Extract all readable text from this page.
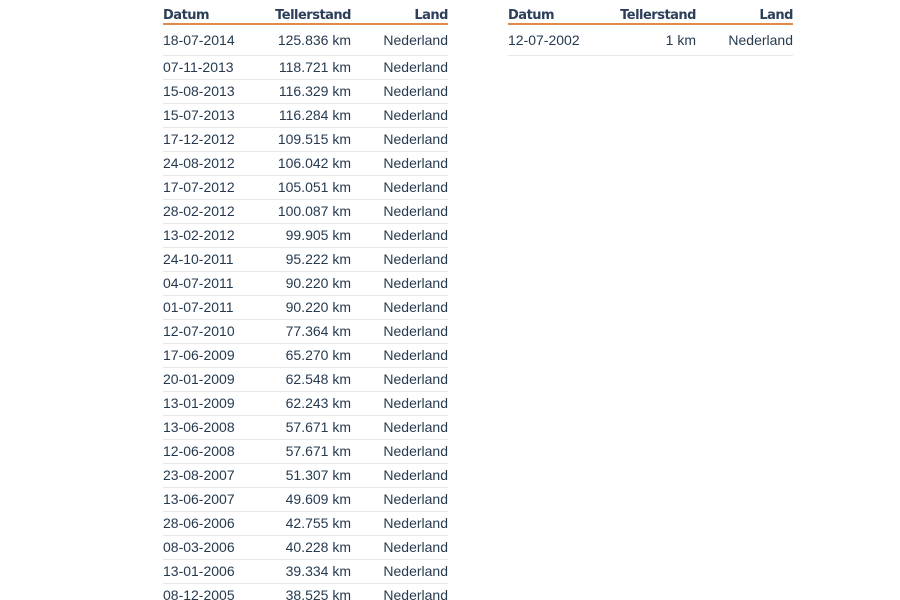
Datum	Tellerstand	Land
18-07-2014	125.836 km	Nederland
07-11-2013	118.721 km	Nederland
15-08-2013	116.329 km	Nederland
15-07-2013	116.284 km	Nederland
17-12-2012	109.515 km	Nederland
24-08-2012	106.042 km	Nederland
17-07-2012	105.051 km	Nederland
28-02-2012	100.087 km	Nederland
13-02-2012	99.905 km	Nederland
24-10-2011	95.222 km	Nederland
04-07-2011	90.220 km	Nederland
01-07-2011	90.220 km	Nederland
12-07-2010	77.364 km	Nederland
17-06-2009	65.270 km	Nederland
20-01-2009	62.548 km	Nederland
13-01-2009	62.243 km	Nederland
13-06-2008	57.671 km	Nederland
12-06-2008	57.671 km	Nederland
23-08-2007	51.307 km	Nederland
13-06-2007	49.609 km	Nederland
28-06-2006	42.755 km	Nederland
08-03-2006	40.228 km	Nederland
13-01-2006	39.334 km	Nederland
08-12-2005	38.525 km	Nederland
Datum	Tellerstand	Land
12-07-2002	1 km	Nederland
